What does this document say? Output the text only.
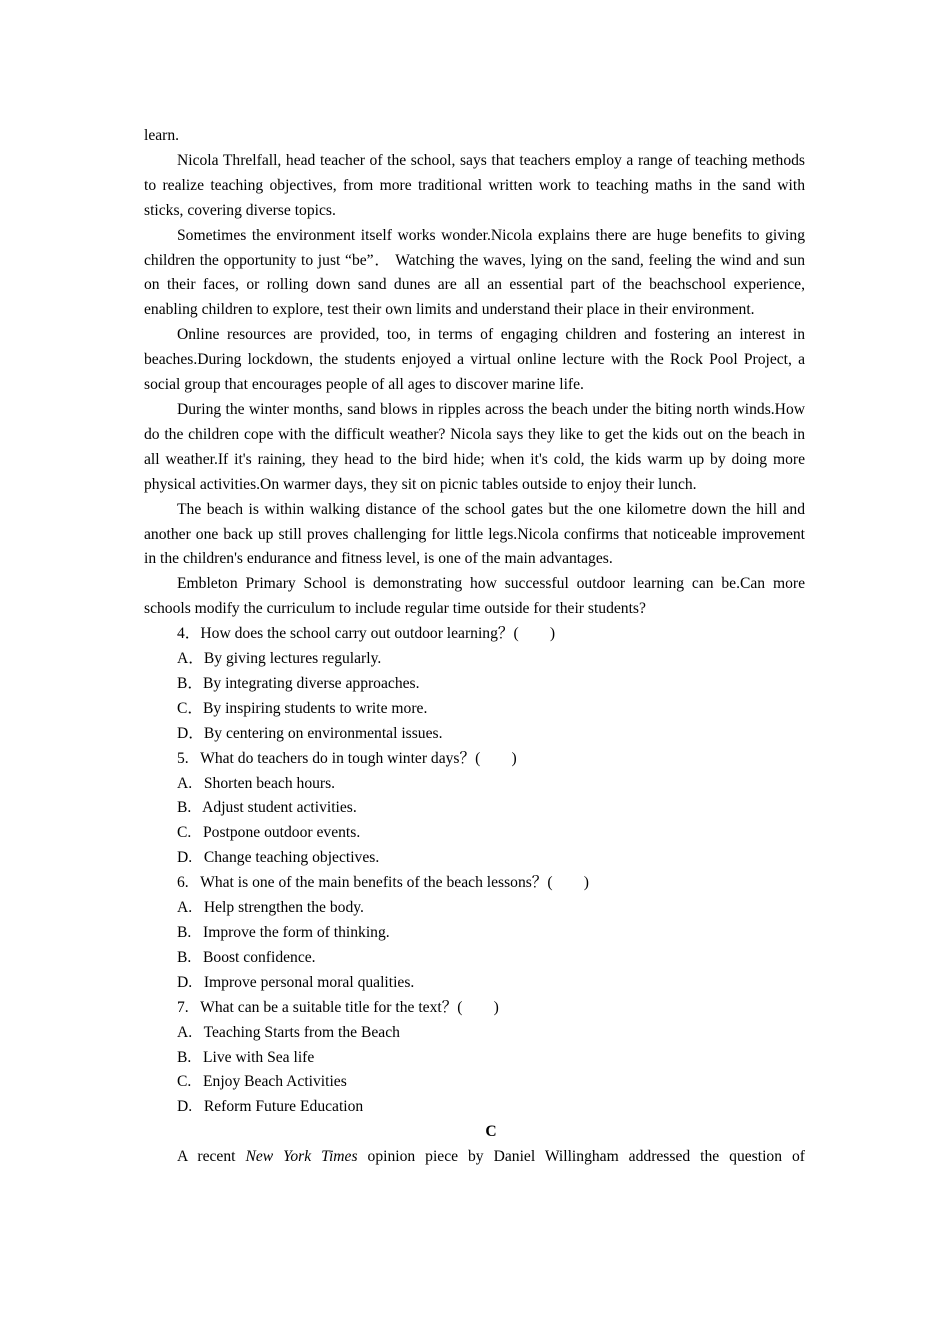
learn.

Nicola Threlfall, head teacher of the school, says that teachers employ a range of teaching methods to realize teaching objectives, from more traditional written work to teaching maths in the sand with sticks, covering diverse topics.

Sometimes the environment itself works wonder.Nicola explains there are huge benefits to giving children the opportunity to just “be”． Watching the waves, lying on the sand, feeling the wind and sun on their faces, or rolling down sand dunes are all an essential part of the beachschool experience, enabling children to explore, test their own limits and understand their place in their environment.

Online resources are provided, too, in terms of engaging children and fostering an interest in beaches.During lockdown, the students enjoyed a virtual online lecture with the Rock Pool Project, a social group that encourages people of all ages to discover marine life.

During the winter months, sand blows in ripples across the beach under the biting north winds.How do the children cope with the difficult weather? Nicola says they like to get the kids out on the beach in all weather.If it's raining, they head to the bird hide; when it's cold, the kids warm up by doing more physical activities.On warmer days, they sit on picnic tables outside to enjoy their lunch.

The beach is within walking distance of the school gates but the one kilometre down the hill and another one back up still proves challenging for little legs.Nicola confirms that noticeable improvement in the children's endurance and fitness level, is one of the main advantages.

Embleton Primary School is demonstrating how successful outdoor learning can be.Can more schools modify the curriculum to include regular time outside for their students?

4．How does the school carry out outdoor learning？(　　)

A．By giving lectures regularly.

B．By integrating diverse approaches.

C．By inspiring students to write more.

D．By centering on environmental issues.

5.   What do teachers do in tough winter days？(　　)

A.   Shorten beach hours.

B.   Adjust student activities.

C.   Postpone outdoor events.

D.   Change teaching objectives.

6.   What is one of the main benefits of the beach lessons？(　　)

A.   Help strengthen the body.

B.   Improve the form of thinking.

B.   Boost confidence.

D.   Improve personal moral qualities.

7.   What can be a suitable title for the text？(　　)

A.   Teaching Starts from the Beach

B.   Live with Sea life

C.   Enjoy Beach Activities

D.   Reform Future Education

C

A recent New York Times opinion piece by Daniel Willingham addressed the question of
